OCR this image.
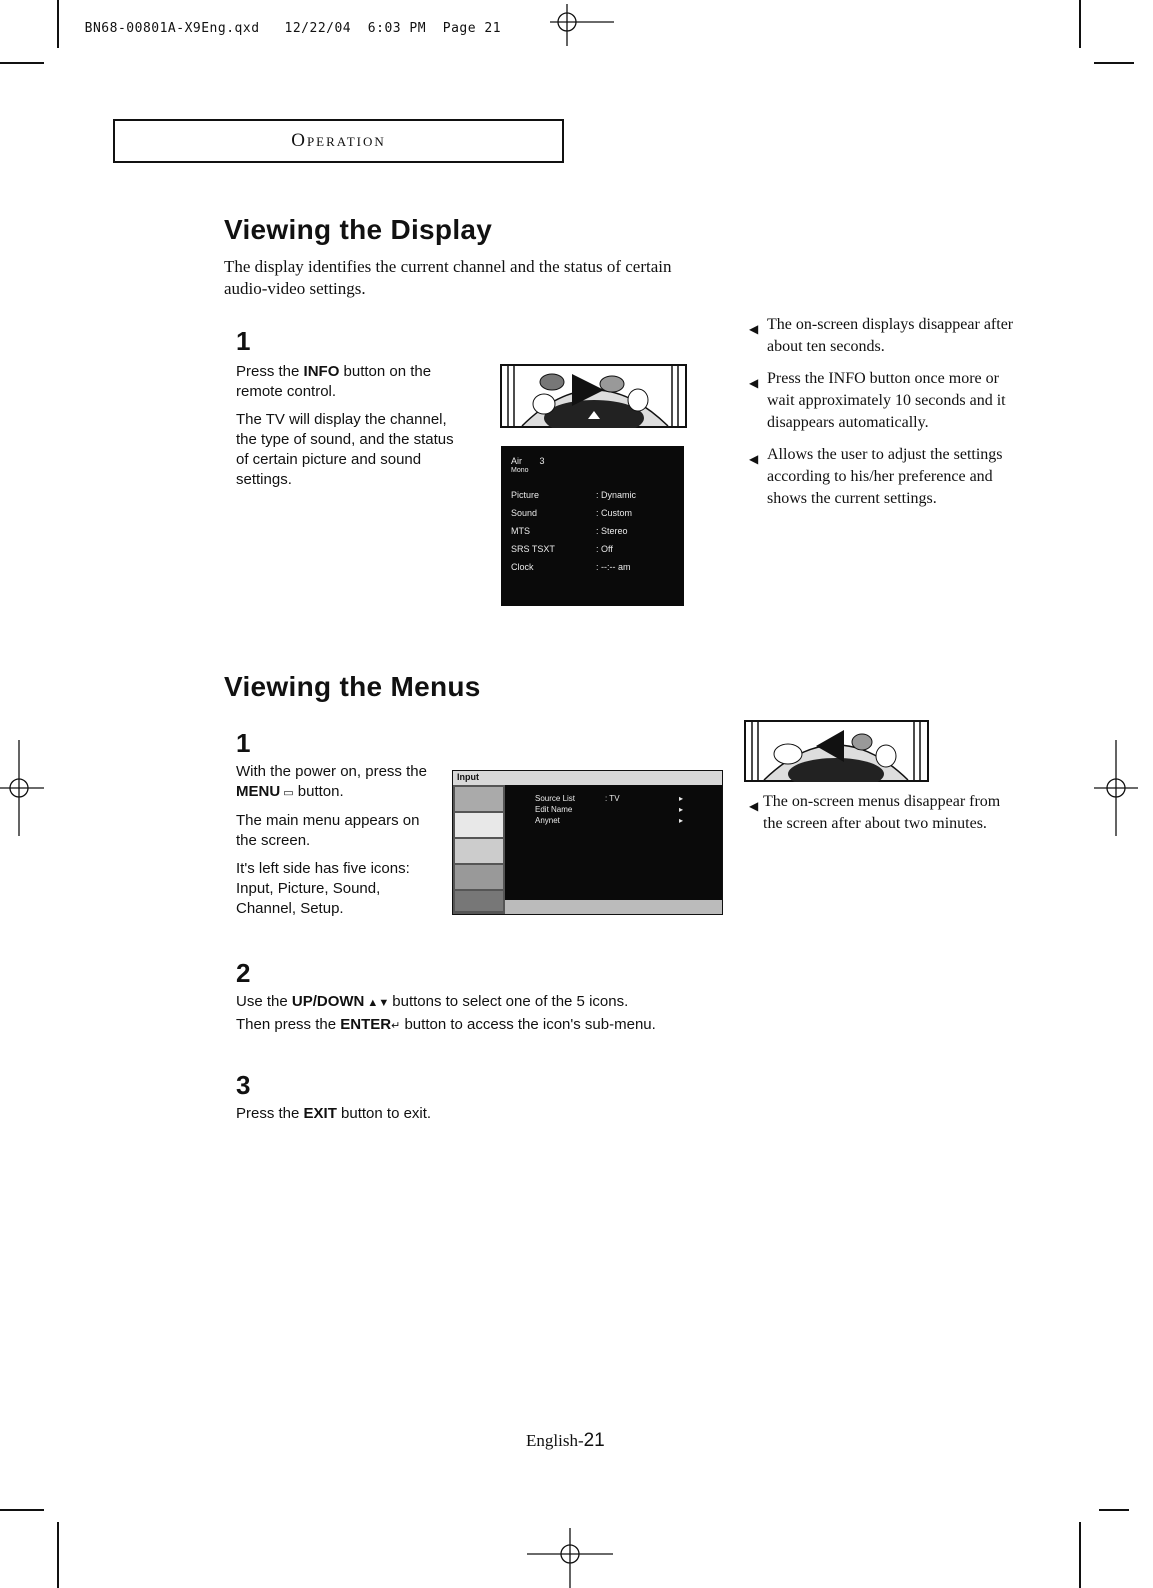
BN68-00801A-X9Eng.qxd 12/22/04 6:03 PM Page 21

Operation
Viewing the Display
The display identifies the current channel and the status of certain audio-video settings.
1

Press the INFO button on the remote control.

The TV will display the channel, the type of sound, and the status of certain picture and sound settings.

Air 3
Mono
Picture	: Dynamic
Sound	: Custom
MTS	: Stereo
SRS TSXT	: Off
Clock	: --:-- am
◀ The on-screen displays disappear after about ten seconds.
◀ Press the INFO button once more or wait approximately 10 seconds and it disappears automatically.
◀ Allows the user to adjust the settings according to his/her preference and shows the current settings.
Viewing the Menus
1

With the power on, press the MENU ▭ button.

The main menu appears on the screen.

It's left side has five icons: Input, Picture, Sound, Channel, Setup.

Input
Source List	: TV
Edit Name
Anynet
▸
▸
▸
◀ The on-screen menus disappear from the screen after about two minutes.
2
Use the UP/DOWN ▲▼ buttons to select one of the 5 icons.
Then press the ENTER↵ button to access the icon's sub-menu.
3
Press the EXIT button to exit.
English-21
